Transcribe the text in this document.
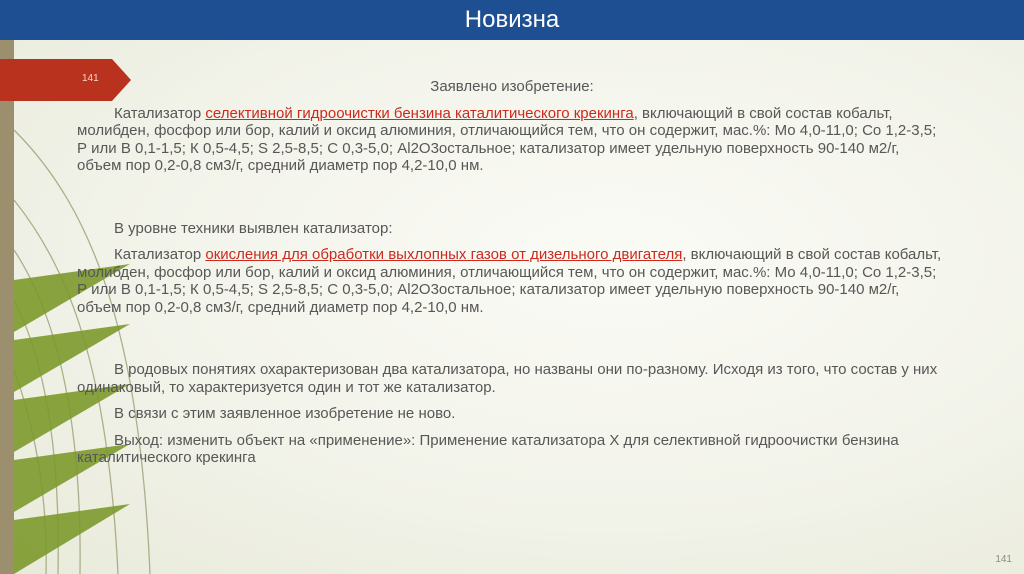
Новизна
141	Заявлено изобретение:

Катализатор селективной гидроочистки бензина каталитического крекинга, включающий в свой состав кобальт, молибден, фосфор или бор, калий и оксид алюминия, отличающийся тем, что он содержит, мас.%: Мо 4,0-11,0; Со 1,2-3,5; Р или В 0,1-1,5; К 0,5-4,5; S 2,5-8,5; С 0,3-5,0; Al2O3остальное; катализатор имеет удельную поверхность 90-140 м2/г, объем пор 0,2-0,8 см3/г, средний диаметр пор 4,2-10,0 нм.

В уровне техники выявлен катализатор:

Катализатор окисления для обработки выхлопных газов от дизельного двигателя, включающий в свой состав кобальт, молибден, фосфор или бор, калий и оксид алюминия, отличающийся тем, что он содержит, мас.%: Мо 4,0-11,0; Со 1,2-3,5; Р или В 0,1-1,5; К 0,5-4,5; S 2,5-8,5; С 0,3-5,0; Al2O3остальное; катализатор имеет удельную поверхность 90-140 м2/г, объем пор 0,2-0,8 см3/г, средний диаметр пор 4,2-10,0 нм.

В родовых понятиях охарактеризован два катализатора, но названы они по-разному. Исходя из того, что состав у них одинаковый, то характеризуется один и тот же катализатор.

В связи с этим заявленное изобретение не ново.

Выход: изменить объект на «применение»: Применение катализатора Х для селективной гидроочистки бензина каталитического крекинга

141
